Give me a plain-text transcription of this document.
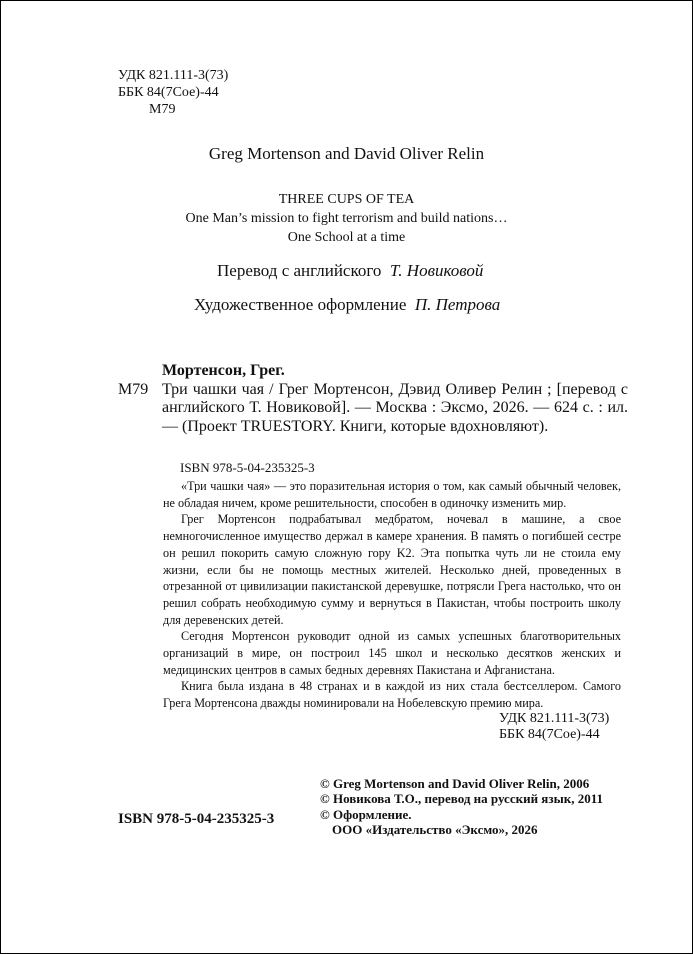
УДК 821.111-3(73)
ББК 84(7Сое)-44
М79
Greg Mortenson and David Oliver Relin
THREE CUPS OF TEA
One Man’s mission to fight terrorism and build nations…
One School at a time
Перевод с английского Т. Новиковой
Художественное оформление П. Петрова
Мортенсон, Грег.
М79 Три чашки чая / Грег Мортенсон, Дэвид Оливер Релин ; [перевод с английского Т. Новиковой]. — Москва : Эксмо, 2026. — 624 с. : ил. — (Проект TRUESTORY. Книги, которые вдохновляют).
ISBN 978-5-04-235325-3

«Три чашки чая» — это поразительная история о том, как самый обычный человек, не обладая ничем, кроме решительности, способен в одиночку изменить мир.

Грег Мортенсон подрабатывал медбратом, ночевал в машине, а свое немногочисленное имущество держал в камере хранения. В память о погибшей сестре он решил покорить самую сложную гору K2. Эта попытка чуть ли не стоила ему жизни, если бы не помощь местных жителей. Несколько дней, проведенных в отрезанной от цивилизации пакистанской деревушке, потрясли Грега настолько, что он решил собрать необходимую сумму и вернуться в Пакистан, чтобы построить школу для деревенских детей.

Сегодня Мортенсон руководит одной из самых успешных благотворительных организаций в мире, он построил 145 школ и несколько десятков женских и медицинских центров в самых бедных деревнях Пакистана и Афганистана.

Книга была издана в 48 странах и в каждой из них стала бестселлером. Самого Грега Мортенсона дважды номинировали на Нобелевскую премию мира.

УДК 821.111-3(73)
ББК 84(7Сое)-44
© Greg Mortenson and David Oliver Relin, 2006
© Новикова Т.О., перевод на русский язык, 2011
© Оформление.
ООО «Издательство «Эксмо», 2026
ISBN 978-5-04-235325-3
